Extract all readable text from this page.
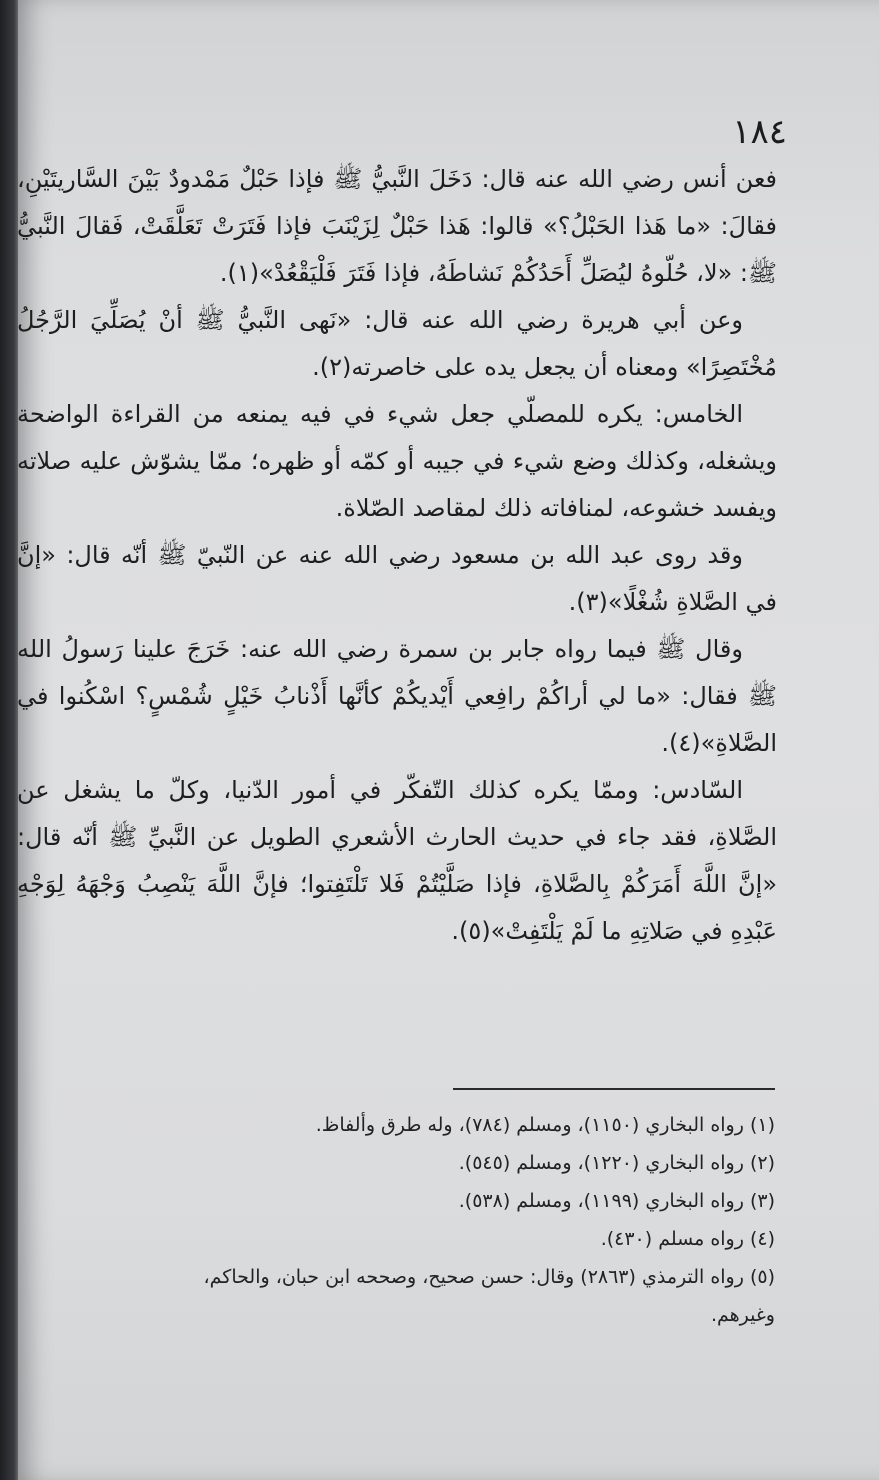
١٨٤

فعن أنس رضي الله عنه قال: دَخَلَ النَّبيُّ ﷺ فإذا حَبْلٌ مَمْدودٌ بَيْنَ السَّاريتَيْنِ، فقالَ: «ما هَذا الحَبْلُ؟» قالوا: هَذا حَبْلٌ لِزَيْنَبَ فإذا فَتَرَتْ تَعَلَّقَتْ، فَقالَ النَّبيُّ ﷺ: «لا، حُلّوهُ ليُصَلِّ أَحَدُكُمْ نَشاطَهُ، فإذا فَتَرَ فَلْيَقْعُدْ»(١).

وعن أبي هريرة رضي الله عنه قال: «نَهى النَّبيُّ ﷺ أنْ يُصَلِّيَ الرَّجُلُ مُخْتَصِرًا» ومعناه أن يجعل يده على خاصرته(٢).

الخامس: يكره للمصلّي جعل شيء في فيه يمنعه من القراءة الواضحة ويشغله، وكذلك وضع شيء في جيبه أو كمّه أو ظهره؛ ممّا يشوّش عليه صلاته ويفسد خشوعه، لمنافاته ذلك لمقاصد الصّلاة.

وقد روى عبد الله بن مسعود رضي الله عنه عن النّبيّ ﷺ أنّه قال: «إنَّ في الصَّلاةِ شُغْلًا»(٣).

وقال ﷺ فيما رواه جابر بن سمرة رضي الله عنه: خَرَجَ علينا رَسولُ الله ﷺ فقال: «ما لي أراكُمْ رافِعي أَيْديكُمْ كأنَّها أَذْنابُ خَيْلٍ شُمْسٍ؟ اسْكُنوا في الصَّلاةِ»(٤).

السّادس: وممّا يكره كذلك التّفكّر في أمور الدّنيا، وكلّ ما يشغل عن الصَّلاةِ، فقد جاء في حديث الحارث الأشعري الطويل عن النَّبيِّ ﷺ أنّه قال: «إنَّ اللَّهَ أَمَرَكُمْ بِالصَّلاةِ، فإذا صَلَّيْتُمْ فَلا تَلْتَفِتوا؛ فإنَّ اللَّهَ يَنْصِبُ وَجْهَهُ لِوَجْهِ عَبْدِهِ في صَلاتِهِ ما لَمْ يَلْتَفِتْ»(٥).

(١) رواه البخاري (١١٥٠)، ومسلم (٧٨٤)، وله طرق وألفاظ.

(٢) رواه البخاري (١٢٢٠)، ومسلم (٥٤٥).

(٣) رواه البخاري (١١٩٩)، ومسلم (٥٣٨).

(٤) رواه مسلم (٤٣٠).

(٥) رواه الترمذي (٢٨٦٣) وقال: حسن صحيح، وصححه ابن حبان، والحاكم،

وغيرهم.
